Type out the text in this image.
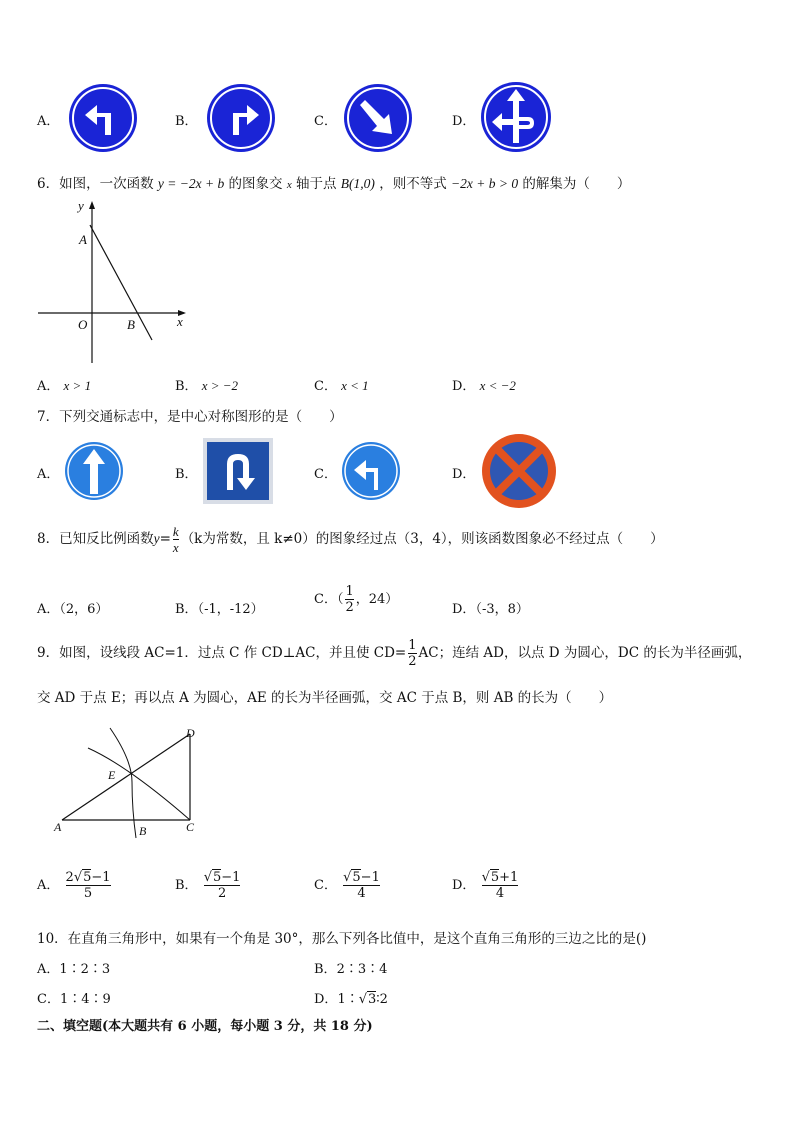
A．	B．	C．	D．
6．如图，一次函数 y = −2x + b 的图象交 x 轴于点 B(1,0) ，则不等式 −2x + b > 0 的解集为（　　）
y
A
O	B	x
A． x > 1	B． x > −2	C． x < 1	D． x < −2
7．下列交通标志中，是中心对称图形的是（　　）
A．	B．	C．	D．
8．已知反比例函数$y= \frac{k}{x} (k$为常数，且 k≠0）的图象经过点（3，4），则该函数图象必不经过点（　　）
A．（2，6）	B．（-1，-12）
C．（ $\frac{1}{2}$ ，24）
D．（-3，8）
9．如图，设线段 AC=1．过点 C 作 CD⊥AC，并且使 $CD= \frac{1}{2}$ AC；连结 AD，以点 D 为圆心，DC 的长为半径画弧，
交 AD 于点 E；再以点 A 为圆心，AE 的长为半径画弧，交 AC 于点 B，则 AB 的长为（　　）
D
E
A	B	C
A． $\frac{2√5-1}{5}$	B． $\frac{√5-1}{2}$	C． $\frac{√5-1}{4}$	D． $\frac{√5+1}{4}$
10．在直角三角形中，如果有一个角是 30°，那么下列各比值中，是这个直角三角形的三边之比的是()
A．1∶2∶3	B．2∶3∶4
C．1∶4∶9	D．1∶√3∶2
二、填空题(本大题共有 6 小题，每小题 3 分，共 18 分)
